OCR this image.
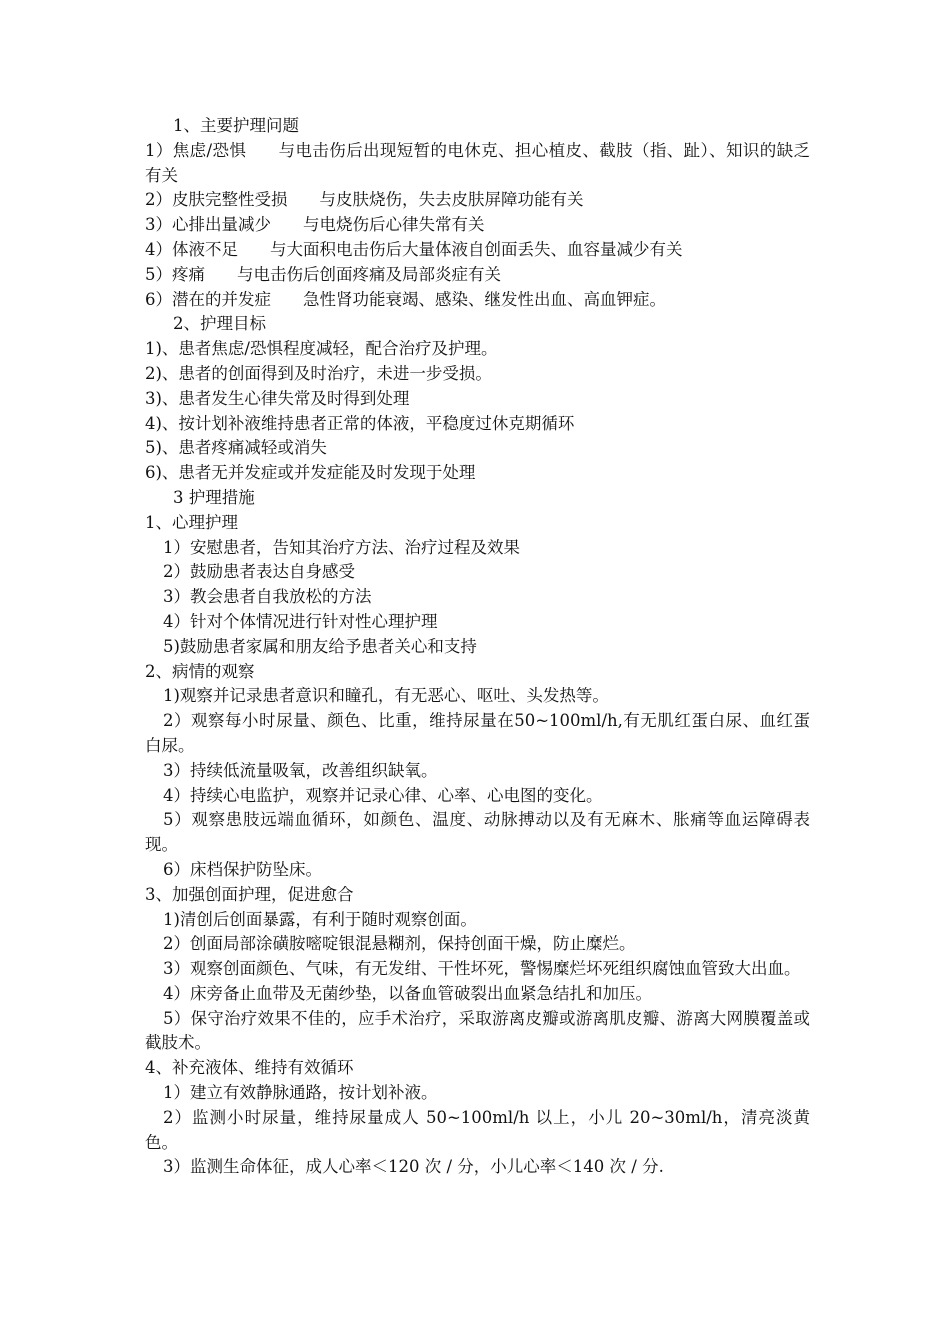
1、主要护理问题
1）焦虑/恐惧 与电击伤后出现短暂的电休克、担心植皮、截肢（指、趾）、知识的缺乏有关
2）皮肤完整性受损 与皮肤烧伤，失去皮肤屏障功能有关
3）心排出量减少 与电烧伤后心律失常有关
4）体液不足 与大面积电击伤后大量体液自创面丢失、血容量减少有关
5）疼痛 与电击伤后创面疼痛及局部炎症有关
6）潜在的并发症 急性肾功能衰竭、感染、继发性出血、高血钾症。
2、护理目标
1)、患者焦虑/恐惧程度减轻，配合治疗及护理。
2)、患者的创面得到及时治疗，未进一步受损。
3)、患者发生心律失常及时得到处理
4)、按计划补液维持患者正常的体液，平稳度过休克期循环
5)、患者疼痛减轻或消失
6)、患者无并发症或并发症能及时发现于处理
3 护理措施
1、心理护理
1）安慰患者，告知其治疗方法、治疗过程及效果
2）鼓励患者表达自身感受
3）教会患者自我放松的方法
4）针对个体情况进行针对性心理护理
5)鼓励患者家属和朋友给予患者关心和支持
2、病情的观察
1)观察并记录患者意识和瞳孔，有无恶心、呕吐、头发热等。
2）观察每小时尿量、颜色、比重，维持尿量在50~100ml/h,有无肌红蛋白尿、血红蛋白尿。
3）持续低流量吸氧，改善组织缺氧。
4）持续心电监护，观察并记录心律、心率、心电图的变化。
5）观察患肢远端血循环，如颜色、温度、动脉搏动以及有无麻木、胀痛等血运障碍表现。
6）床档保护防坠床。
3、加强创面护理，促进愈合
1)清创后创面暴露，有利于随时观察创面。
2）创面局部涂磺胺嘧啶银混悬糊剂，保持创面干燥，防止糜烂。
3）观察创面颜色、气味，有无发绀、干性坏死，警惕糜烂坏死组织腐蚀血管致大出血。
4）床旁备止血带及无菌纱垫，以备血管破裂出血紧急结扎和加压。
5）保守治疗效果不佳的，应手术治疗，采取游离皮瓣或游离肌皮瓣、游离大网膜覆盖或截肢术。
4、补充液体、维持有效循环
1）建立有效静脉通路，按计划补液。
2）监测小时尿量，维持尿量成人 50~100ml/h 以上，小儿 20~30ml/h，清亮淡黄色。
3）监测生命体征，成人心率＜120 次 / 分，小儿心率＜140 次 / 分.
